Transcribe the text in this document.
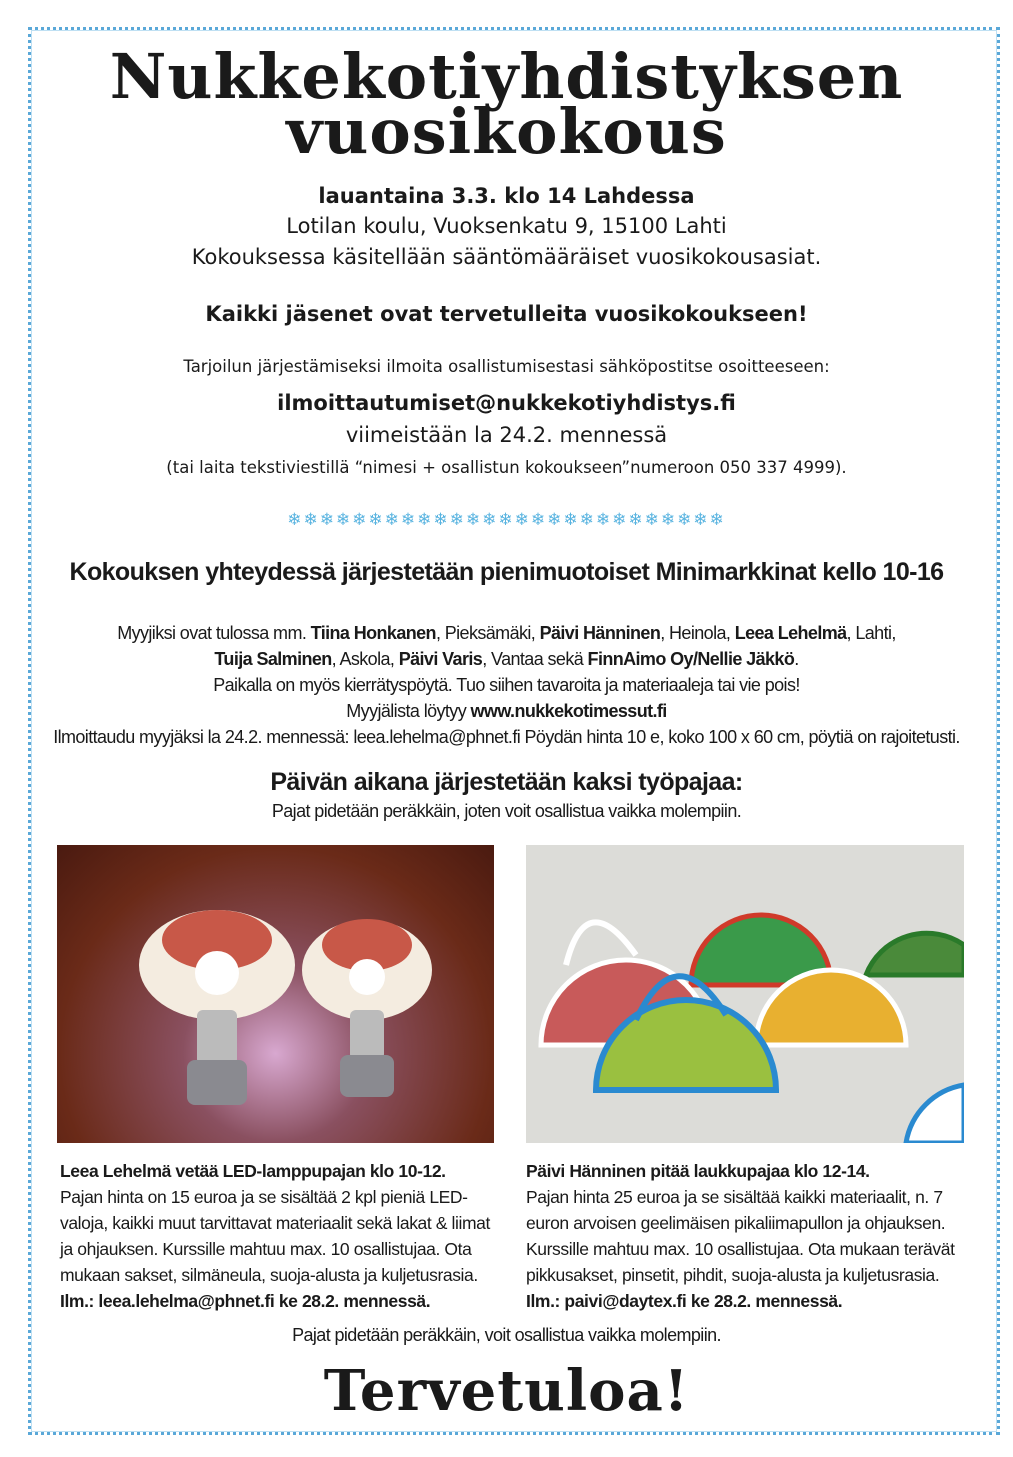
Nukkekotiyhdistyksen
vuosikokous
lauantaina 3.3. klo 14 Lahdessa
Lotilan koulu, Vuoksenkatu 9, 15100 Lahti
Kokouksessa käsitellään sääntömääräiset vuosikokousasiat.
Kaikki jäsenet ovat tervetulleita vuosikokoukseen!
Tarjoilun järjestämiseksi ilmoita osallistumisestasi sähköpostitse osoitteeseen:
ilmoittautumiset@nukkekotiyhdistys.fi
viimeistään la 24.2. mennessä
(tai laita tekstiviestillä “nimesi + osallistun kokoukseen”numeroon 050 337 4999).
❄❄❄❄❄❄❄❄❄❄❄❄❄❄❄❄❄❄❄❄❄❄❄❄❄❄❄
Kokouksen yhteydessä järjestetään pienimuotoiset Minimarkkinat kello 10-16
Myyjiksi ovat tulossa mm. Tiina Honkanen, Pieksämäki, Päivi Hänninen, Heinola, Leea Lehelmä, Lahti,
Tuija Salminen, Askola, Päivi Varis, Vantaa sekä FinnAimo Oy/Nellie Jäkkö.
Paikalla on myös kierrätyspöytä. Tuo siihen tavaroita ja materiaaleja tai vie pois!
Myyjälista löytyy www.nukkekotimessut.fi
Ilmoittaudu myyjäksi la 24.2. mennessä: leea.lehelma@phnet.fi Pöydän hinta 10 e, koko 100 x 60 cm, pöytiä on rajoitetusti.
Päivän aikana järjestetään kaksi työpajaa:
Pajat pidetään peräkkäin, joten voit osallistua vaikka molempiin.
Leea Lehelmä vetää LED-lamppupajan klo 10-12.
Pajan hinta on 15 euroa ja se sisältää 2 kpl pieniä LED-
valoja, kaikki muut tarvittavat materiaalit sekä lakat & liimat
ja ohjauksen. Kurssille mahtuu max. 10 osallistujaa. Ota
mukaan sakset, silmäneula, suoja-alusta ja kuljetusrasia.
Ilm.: leea.lehelma@phnet.fi ke 28.2. mennessä.
Päivi Hänninen pitää laukkupajaa klo 12-14.
Pajan hinta 25 euroa ja se sisältää kaikki materiaalit, n. 7
euron arvoisen geelimäisen pikaliimapullon ja ohjauksen.
Kurssille mahtuu max. 10 osallistujaa. Ota mukaan terävät
pikkusakset, pinsetit, pihdit, suoja-alusta ja kuljetusrasia.
Ilm.: paivi@daytex.fi ke 28.2. mennessä.
Pajat pidetään peräkkäin, voit osallistua vaikka molempiin.
Tervetuloa!
